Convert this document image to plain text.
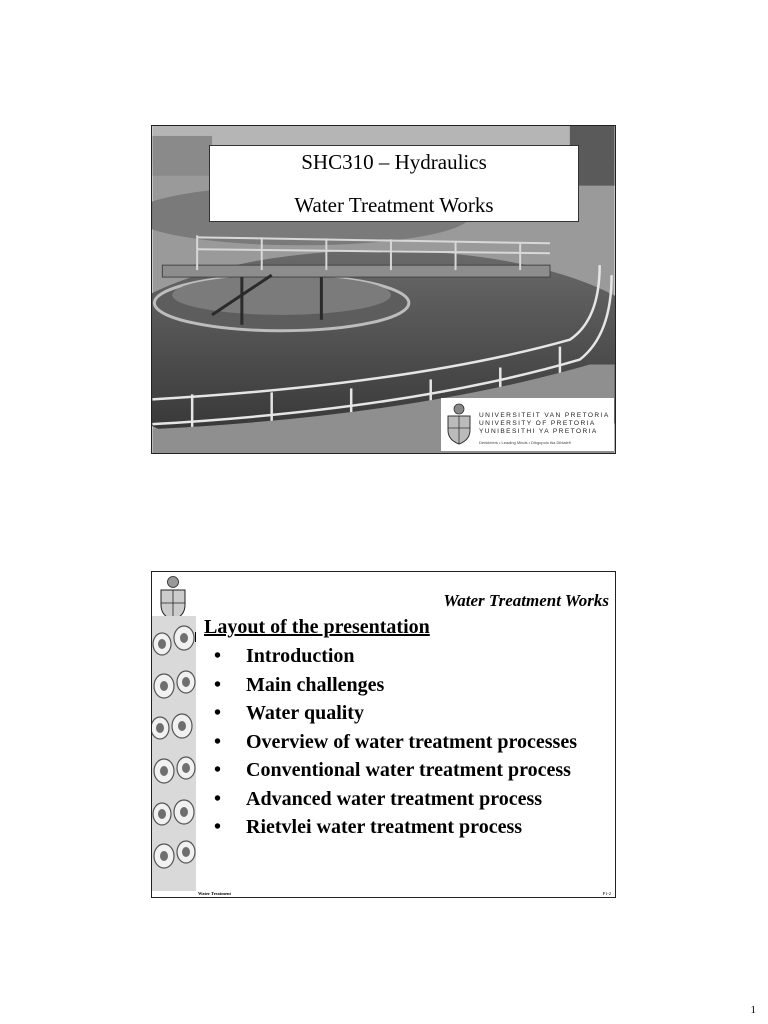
SHC310 – Hydraulics
Water Treatment Works
UNIVERSITEIT VAN PRETORIA
UNIVERSITY OF PRETORIA
YUNIBESITHI YA PRETORIA
Denkleiers • Leading Minds • Dikgopolo tša Dihlalefi
Water Treatment Works
Layout of the presentation
• Introduction
• Main challenges
• Water quality
• Overview of water treatment processes
• Conventional water treatment process
• Advanced water treatment process
• Rietvlei water treatment process
Water Treatment	P1-2
1
